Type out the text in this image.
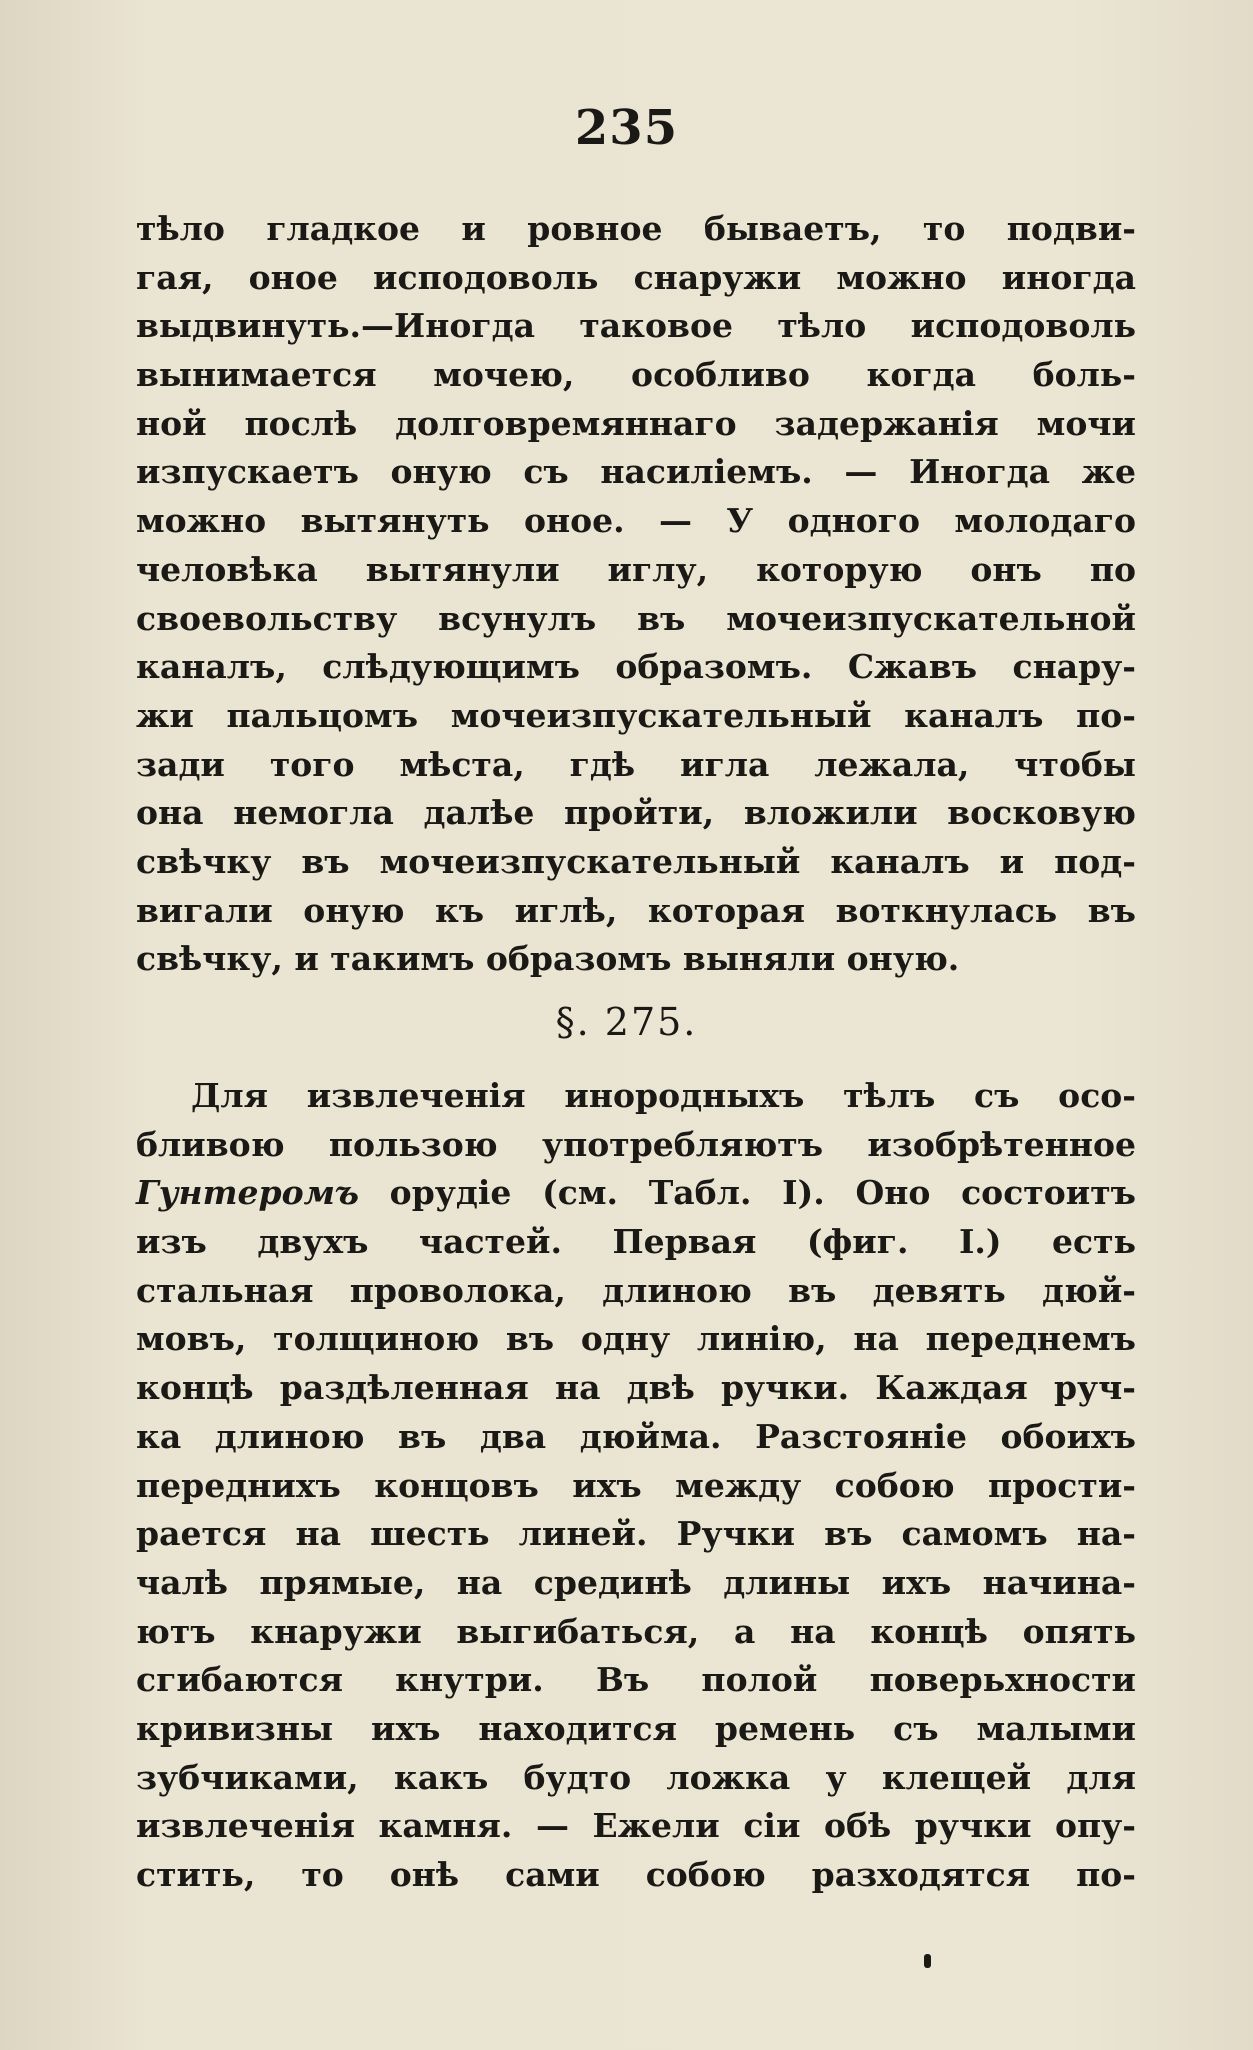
235
тѣло гладкое и ровное бываетъ, то подви-
гая, оное исподоволь снаружи можно иногда
выдвинуть.—Иногда таковое тѣло исподоволь
вынимается мочею, особливо когда боль-
ной послѣ долговремяннаго задержанія мочи
изпускаетъ оную съ насиліемъ. — Иногда же
можно вытянуть оное. — У одного молодаго
человѣка вытянули иглу, которую онъ по
своевольству всунулъ въ мочеизпускательной
каналъ, слѣдующимъ образомъ. Сжавъ снару-
жи пальцомъ мочеизпускательный каналъ по-
зади того мѣста, гдѣ игла лежала, чтобы
она немогла далѣе пройти, вложили восковую
свѣчку въ мочеизпускательный каналъ и под-
вигали оную къ иглѣ, которая воткнулась въ
свѣчку, и такимъ образомъ выняли оную.
§. 275.
Для извлеченія инородныхъ тѣлъ съ осо-
бливою пользою употребляютъ изобрѣтенное
Гунтеромъ орудіе (см. Табл. I). Оно состоитъ
изъ двухъ частей. Первая (фиг. I.) есть
стальная проволока, длиною въ девять дюй-
мовъ, толщиною въ одну линію, на переднемъ
концѣ раздѣленная на двѣ ручки. Каждая руч-
ка длиною въ два дюйма. Разстояніе обоихъ
переднихъ концовъ ихъ между собою прости-
рается на шесть линей. Ручки въ самомъ на-
чалѣ прямые, на срединѣ длины ихъ начина-
ютъ кнаружи выгибаться, а на концѣ опять
сгибаются кнутри. Въ полой поверьхности
кривизны ихъ находится ремень съ малыми
зубчиками, какъ будто ложка у клещей для
извлеченія камня. — Ежели сіи обѣ ручки опу-
стить, то онѣ сами собою разходятся по-
